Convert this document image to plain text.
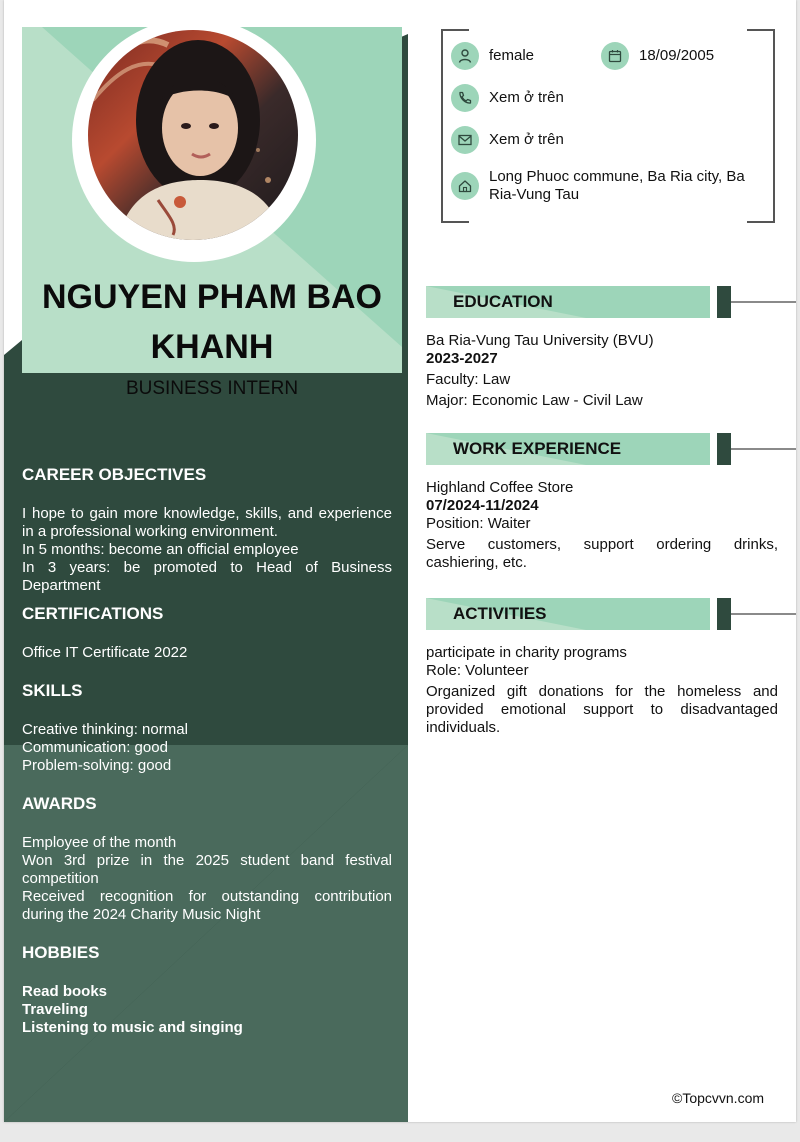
NGUYEN PHAM BAO KHANH
BUSINESS INTERN
CAREER OBJECTIVES

I hope to gain more knowledge, skills, and experience in a professional working environment.

In 5 months: become an official employee

In 3 years: be promoted to Head of Business Department

CERTIFICATIONS

Office IT Certificate 2022

SKILLS

Creative thinking: normal

Communication: good

Problem-solving: good

AWARDS

Employee of the month

Won 3rd prize in the 2025 student band festival competition

Received recognition for outstanding contribution during the 2024 Charity Music Night

HOBBIES

Read books

Traveling

Listening to music and singing

female	18/09/2005
Xem ở trên
Xem ở trên
Long Phuoc commune, Ba Ria city, Ba Ria-Vung Tau
EDUCATION

Ba Ria-Vung Tau University (BVU)

2023-2027

Faculty: Law

Major: Economic Law - Civil Law

WORK EXPERIENCE

Highland Coffee Store

07/2024-11/2024

Position: Waiter

Serve customers, support ordering drinks, cashiering, etc.

ACTIVITIES

participate in charity programs

Role: Volunteer

Organized gift donations for the homeless and provided emotional support to disadvantaged individuals.

©Topcvvn.com
